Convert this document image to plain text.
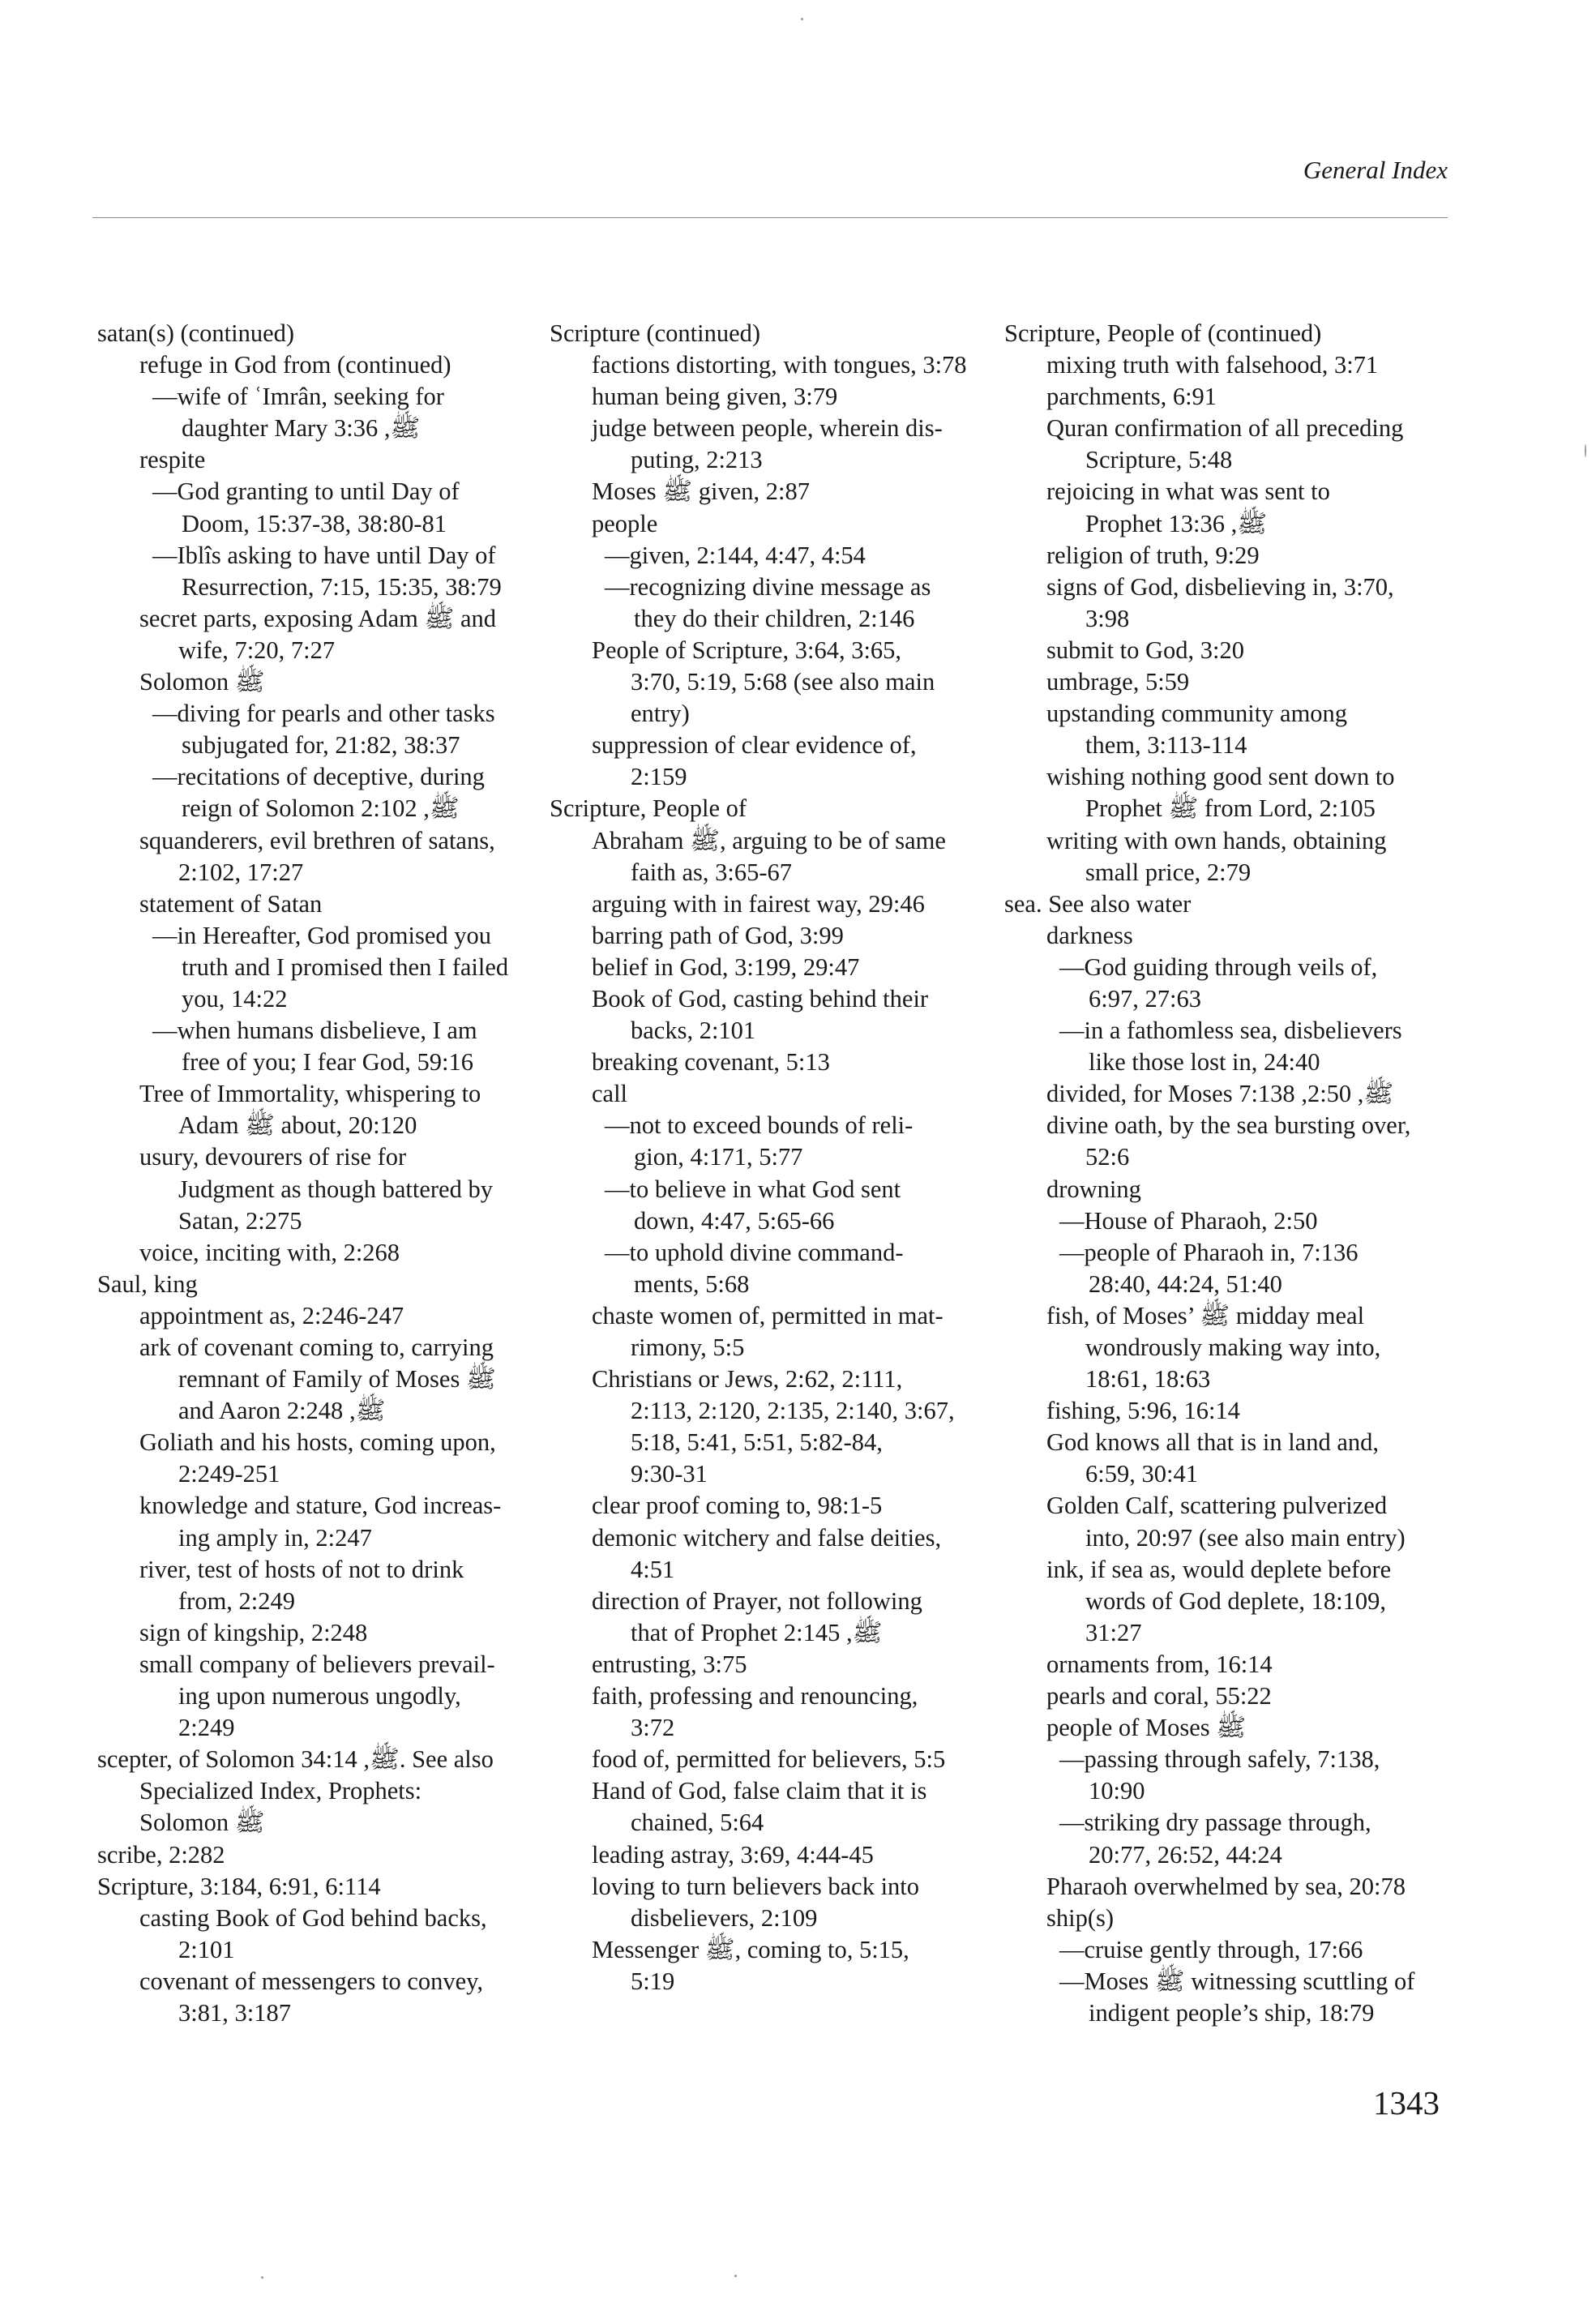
General Index
satan(s) (continued)
refuge in God from (continued)
—wife of ʿImrân, seeking for
daughter Mary ﷺ, 3:36
respite
—God granting to until Day of
Doom, 15:37-38, 38:80-81
—Iblîs asking to have until Day of
Resurrection, 7:15, 15:35, 38:79
secret parts, exposing Adam ﷺ and
wife, 7:20, 7:27
Solomon ﷺ
—diving for pearls and other tasks
subjugated for, 21:82, 38:37
—recitations of deceptive, during
reign of Solomon ﷺ, 2:102
squanderers, evil brethren of satans,
2:102, 17:27
statement of Satan
—in Hereafter, God promised you
truth and I promised then I failed
you, 14:22
—when humans disbelieve, I am
free of you; I fear God, 59:16
Tree of Immortality, whispering to
Adam ﷺ about, 20:120
usury, devourers of rise for
Judgment as though battered by
Satan, 2:275
voice, inciting with, 2:268
Saul, king
appointment as, 2:246-247
ark of covenant coming to, carrying
remnant of Family of Moses ﷺ
and Aaron ﷺ, 2:248
Goliath and his hosts, coming upon,
2:249-251
knowledge and stature, God increas-
ing amply in, 2:247
river, test of hosts of not to drink
from, 2:249
sign of kingship, 2:248
small company of believers prevail-
ing upon numerous ungodly,
2:249
scepter, of Solomon ﷺ, 34:14. See also
Specialized Index, Prophets:
Solomon ﷺ
scribe, 2:282
Scripture, 3:184, 6:91, 6:114
casting Book of God behind backs,
2:101
covenant of messengers to convey,
3:81, 3:187
Scripture (continued)
factions distorting, with tongues, 3:78
human being given, 3:79
judge between people, wherein dis-
puting, 2:213
Moses ﷺ given, 2:87
people
—given, 2:144, 4:47, 4:54
—recognizing divine message as
they do their children, 2:146
People of Scripture, 3:64, 3:65,
3:70, 5:19, 5:68 (see also main
entry)
suppression of clear evidence of,
2:159
Scripture, People of
Abraham ﷺ, arguing to be of same
faith as, 3:65-67
arguing with in fairest way, 29:46
barring path of God, 3:99
belief in God, 3:199, 29:47
Book of God, casting behind their
backs, 2:101
breaking covenant, 5:13
call
—not to exceed bounds of reli-
gion, 4:171, 5:77
—to believe in what God sent
down, 4:47, 5:65-66
—to uphold divine command-
ments, 5:68
chaste women of, permitted in mat-
rimony, 5:5
Christians or Jews, 2:62, 2:111,
2:113, 2:120, 2:135, 2:140, 3:67,
5:18, 5:41, 5:51, 5:82-84,
9:30-31
clear proof coming to, 98:1-5
demonic witchery and false deities,
4:51
direction of Prayer, not following
that of Prophet ﷺ, 2:145
entrusting, 3:75
faith, professing and renouncing,
3:72
food of, permitted for believers, 5:5
Hand of God, false claim that it is
chained, 5:64
leading astray, 3:69, 4:44-45
loving to turn believers back into
disbelievers, 2:109
Messenger ﷺ, coming to, 5:15,
5:19
Scripture, People of (continued)
mixing truth with falsehood, 3:71
parchments, 6:91
Quran confirmation of all preceding
Scripture, 5:48
rejoicing in what was sent to
Prophet ﷺ, 13:36
religion of truth, 9:29
signs of God, disbelieving in, 3:70,
3:98
submit to God, 3:20
umbrage, 5:59
upstanding community among
them, 3:113-114
wishing nothing good sent down to
Prophet ﷺ from Lord, 2:105
writing with own hands, obtaining
small price, 2:79
sea. See also water
darkness
—God guiding through veils of,
6:97, 27:63
—in a fathomless sea, disbelievers
like those lost in, 24:40
divided, for Moses ﷺ, 2:50, 7:138
divine oath, by the sea bursting over,
52:6
drowning
—House of Pharaoh, 2:50
—people of Pharaoh in, 7:136
28:40, 44:24, 51:40
fish, of Moses’ ﷺ midday meal
wondrously making way into,
18:61, 18:63
fishing, 5:96, 16:14
God knows all that is in land and,
6:59, 30:41
Golden Calf, scattering pulverized
into, 20:97 (see also main entry)
ink, if sea as, would deplete before
words of God deplete, 18:109,
31:27
ornaments from, 16:14
pearls and coral, 55:22
people of Moses ﷺ
—passing through safely, 7:138,
10:90
—striking dry passage through,
20:77, 26:52, 44:24
Pharaoh overwhelmed by sea, 20:78
ship(s)
—cruise gently through, 17:66
—Moses ﷺ witnessing scuttling of
indigent people’s ship, 18:79
1343
